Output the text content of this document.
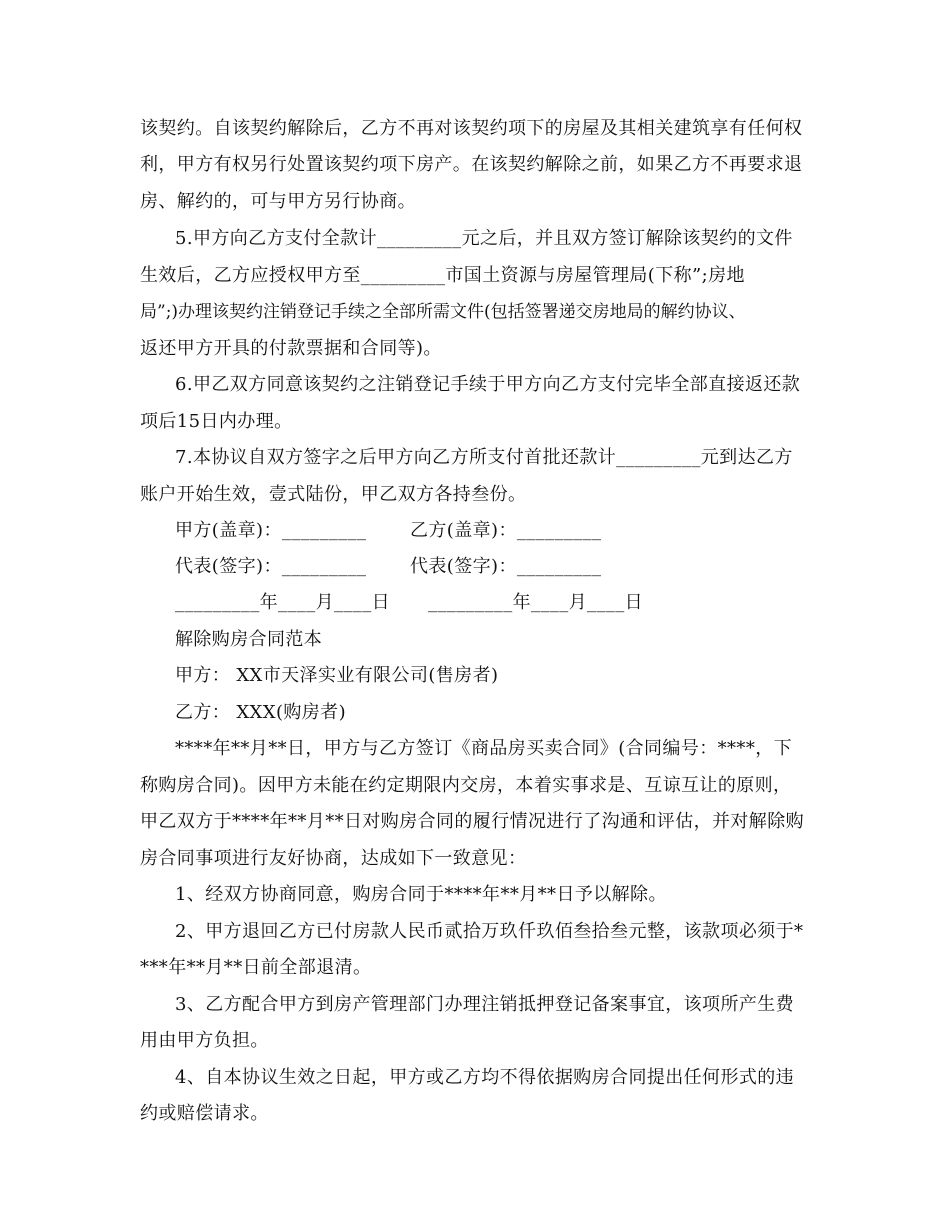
该契约。自该契约解除后，乙方不再对该契约项下的房屋及其相关建筑享有任何权
利，甲方有权另行处置该契约项下房产。在该契约解除之前，如果乙方不再要求退
房、解约的，可与甲方另行协商。
5.甲方向乙方支付全款计_________元之后，并且双方签订解除该契约的文件
生效后，乙方应授权甲方至_________市国土资源与房屋管理局(下称”;房地
局”;)办理该契约注销登记手续之全部所需文件(包括签署递交房地局的解约协议、
返还甲方开具的付款票据和合同等)。
6.甲乙双方同意该契约之注销登记手续于甲方向乙方支付完毕全部直接返还款
项后15日内办理。
7.本协议自双方签字之后甲方向乙方所支付首批还款计_________元到达乙方
账户开始生效，壹式陆份，甲乙双方各持叁份。
甲方(盖章)：_________ 乙方(盖章)：_________
代表(签字)：_________ 代表(签字)：_________
_________年____月____日 _________年____月____日
解除购房合同范本
甲方： XX市天泽实业有限公司(售房者)
乙方： XXX(购房者)
****年**月**日，甲方与乙方签订《商品房买卖合同》(合同编号：****，下
称购房合同)。因甲方未能在约定期限内交房，本着实事求是、互谅互让的原则，
甲乙双方于****年**月**日对购房合同的履行情况进行了沟通和评估，并对解除购
房合同事项进行友好协商，达成如下一致意见：
1、经双方协商同意，购房合同于****年**月**日予以解除。
2、甲方退回乙方已付房款人民币贰拾万玖仟玖佰叁拾叁元整，该款项必须于*
***年**月**日前全部退清。
3、乙方配合甲方到房产管理部门办理注销抵押登记备案事宜，该项所产生费
用由甲方负担。
4、自本协议生效之日起，甲方或乙方均不得依据购房合同提出任何形式的违
约或赔偿请求。
